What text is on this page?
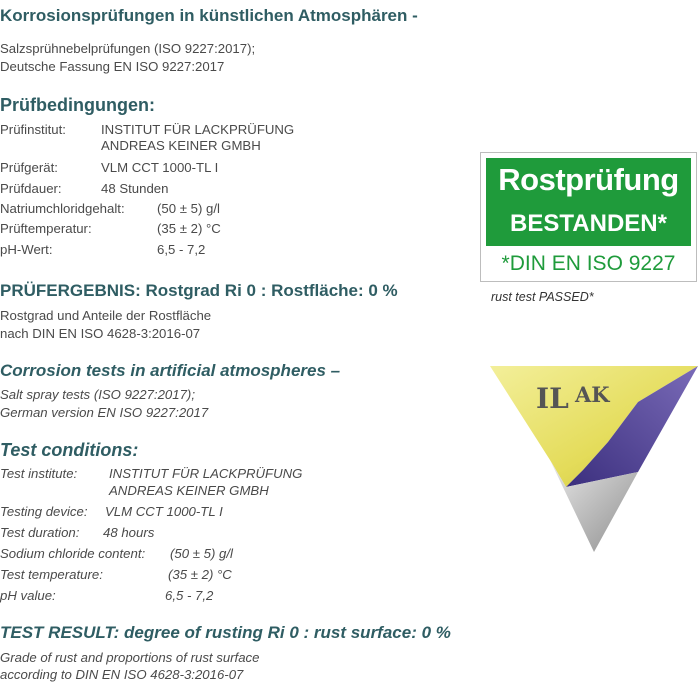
Korrosionsprüfungen in künstlichen Atmosphären -
Salzsprühnebelprüfungen (ISO 9227:2017);
Deutsche Fassung EN ISO 9227:2017
Prüfbedingungen:
Prüfinstitut:	INSTITUT FÜR LACKPRÜFUNG
ANDREAS KEINER GMBH
Prüfgerät:	VLM CCT 1000-TL I
Prüfdauer:	48 Stunden
Natriumchloridgehalt: (50 ± 5) g/l
Prüftemperatur:	(35 ± 2) °C
pH-Wert:	6,5 - 7,2
PRÜFERGEBNIS: Rostgrad Ri 0 : Rostfläche: 0 %
Rostgrad und Anteile der Rostfläche
nach DIN EN ISO 4628-3:2016-07
Corrosion tests in artificial atmospheres –
Salt spray tests (ISO 9227:2017);
German version EN ISO 9227:2017
Test conditions:
Test institute: INSTITUT FÜR LACKPRÜFUNG
ANDREAS KEINER GMBH
Testing device: VLM CCT 1000-TL I
Test duration: 48 hours
Sodium chloride content: (50 ± 5) g/l
Test temperature:	(35 ± 2) °C
pH value:	6,5 - 7,2
TEST RESULT: degree of rusting Ri 0 : rust surface: 0 %
Grade of rust and proportions of rust surface
according to DIN EN ISO 4628-3:2016-07
Rostprüfung
BESTANDEN*
*DIN EN ISO 9227
rust test PASSED*
IL AK
